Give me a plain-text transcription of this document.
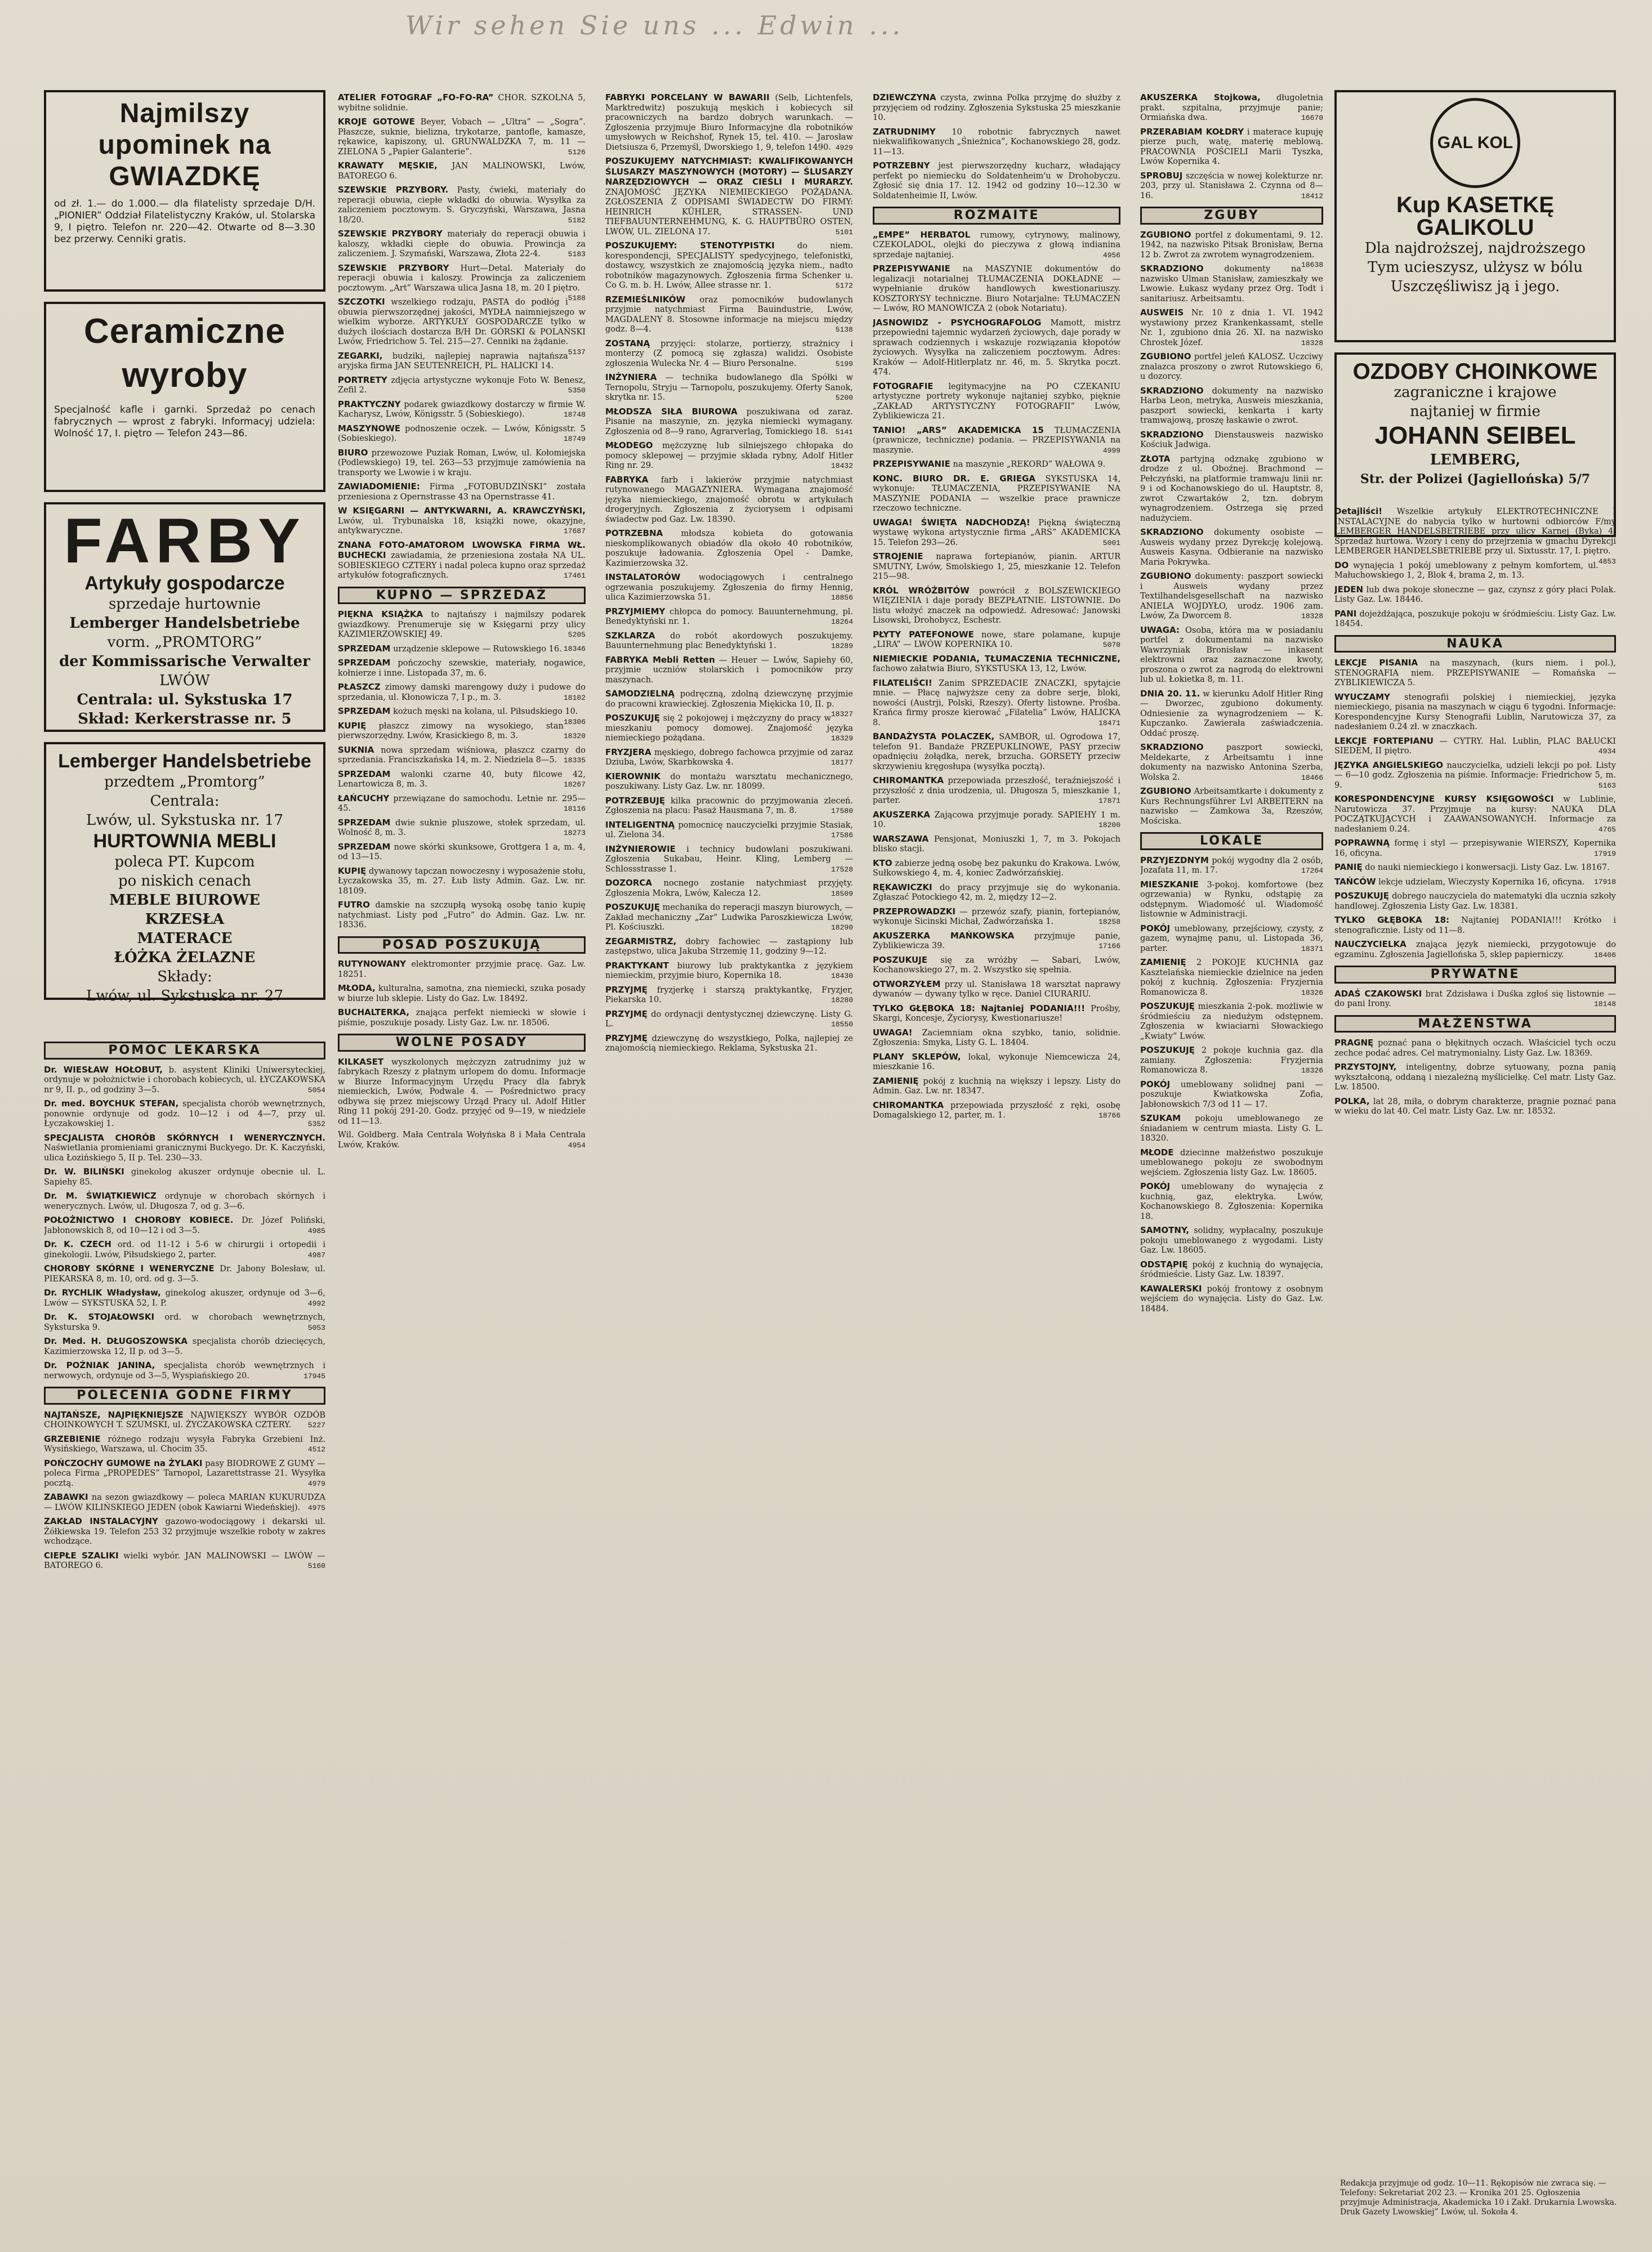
Wir sehen Sie uns ... Edwin ...
Najmilszy upominek na GWIAZDKĘ
od zł. 1.— do 1.000.— dla filatelisty sprzedaje D/H. „PIONIER” Oddział Filatelistyczny Kraków, ul. Stolarska 9, I piętro. Telefon nr. 220—42. Otwarte od 8—3.30 bez przerwy. Cenniki gratis.
Ceramiczne wyroby
Specjalność kafle i garnki. Sprzedaż po cenach fabrycznych — wprost z fabryki. Informacyj udziela: Wolność 17, I. piętro — Telefon 243—86.
FARBY
Artykuły gospodarcze
sprzedaje hurtownie
Lemberger Handelsbetriebe
vorm. „PROMTORG”
der Kommissarische Verwalter
LWÓW
Centrala: ul. Sykstuska 17
Skład: Kerkerstrasse nr. 5
Lemberger Handelsbetriebe
przedtem „Promtorg”
Centrala:
Lwów, ul. Sykstuska nr. 17
HURTOWNIA MEBLI
poleca PT. Kupcom
po niskich cenach
MEBLE BIUROWE
KRZESŁA
MATERACE
ŁÓŻKA ŻELAZNE
Składy:
Lwów, ul. Sykstuska nr. 27
GAL KOL
Kup KASETKĘ GALIKOLU
Dla najdroższej, najdroższego
Tym ucieszysz, ulżysz w bólu
Uszczęśliwisz ją i jego.
OZDOBY CHOINKOWE
zagraniczne i krajowe
najtaniej w firmie
JOHANN SEIBEL
LEMBERG,
Str. der Polizei (Jagiellońska) 5/7
POMOC LEKARSKA

Dr. WIESŁAW HOŁOBUT, b. asystent Kliniki Uniwersyteckiej, ordynuje w położnictwie i chorobach kobiecych, ul. ŁYCZAKOWSKA nr 9, II. p., od godziny 3—5.	5054

Dr. med. BOYCHUK STEFAN, specjalista chorób wewnętrznych, ponownie ordynuje od godz. 10—12 i od 4—7, przy ul. Łyczakowskiej 1.	5352

SPECJALISTA CHORÓB SKÓRNYCH I WENERYCZNYCH. Naświetlania promieniami granicznymi Buckyego. Dr. K. Kaczyński, ulica Łozińskiego 5, II p. Tel. 230—33.

Dr. W. BILIŃSKI ginekolog akuszer ordynuje obecnie ul. L. Sapiehy 85.

Dr. M. ŚWIĄTKIEWICZ ordynuje w chorobach skórnych i wenerycznych. Lwów, ul. Długosza 7, od g. 3—6.

POŁOŻNICTWO I CHOROBY KOBIECE. Dr. Józef Poliński, Jabłonowskich 8, od 10—12 i od 3—5.	4985

Dr. K. CZECH ord. od 11-12 i 5-6 w chirurgii i ortopedii i ginekologii. Lwów, Piłsudskiego 2, parter.	4987

CHOROBY SKÓRNE I WENERYCZNE Dr. Jabony Bolesław, ul. PIEKARSKA 8, m. 10, ord. od g. 3—5.

Dr. RYCHLIK Władysław, ginekolog akuszer, ordynuje od 3—6, Lwów — SYKSTUSKA 52, I. P.	4992

Dr. K. STOJAŁOWSKI ord. w chorobach wewnętrznych, Syksturska 9.	5053

Dr. Med. H. DŁUGOSZOWSKA specjalista chorób dziecięcych, Kazimierzowska 12, II p. od 3—5.

Dr. POŹNIAK JANINA, specjalista chorób wewnętrznych i nerwowych, ordynuje od 3—5, Wyspiańskiego 20.	17945

POLECENIA GODNE FIRMY

NAJTAŃSZE, NAJPIĘKNIEJSZE NAJWIĘKSZY WYBÓR OZDÓB CHOINKOWYCH T. SZUMSKI, ul. ŻYCZAKOWSKA CZTERY. 5227

GRZEBIENIE różnego rodzaju wysyła Fabryka Grzebieni Inż. Wysińskiego, Warszawa, ul. Chocim 35.	4512

POŃCZOCHY GUMOWE na ŻYLAKI pasy BIODROWE Z GUMY — poleca Firma „PROPEDES” Tarnopol, Lazarettstrasse 21. Wysyłka pocztą.	4979

ZABAWKI na sezon gwiazdkowy — poleca MARIAN KUKURUDZA — LWÓW KILIŃSKIEGO JEDEN (obok Kawiarni Wiedeńskiej). 4975

ZAKŁAD INSTALACYJNY gazowo-wodociągowy i dekarski ul. Żółkiewska 19. Telefon 253 32 przyjmuje wszelkie roboty w zakres wchodzące.

CIEPŁE SZALIKI wielki wybór. JAN MALINOWSKI — LWÓW — BATOREGO 6.	5160

ATELIER FOTOGRAF „FO-FO-RA” CHOR. SZKOLNA 5, wybitne solidnie.

KROJE GOTOWE Beyer, Vobach — „Ultra” — „Sogra”. Płaszcze, suknie, bielizna, trykotarze, pantofle, kamasze, rękawice, kapiszony, ul. GRUNWALDZKA 7, m. 11 — ZIELONA 5 „Papier Galanterie”.	5126

KRAWATY MĘSKIE, JAN MALINOWSKI, Lwów, BATOREGO 6.

SZEWSKIE PRZYBORY. Pasty, ćwieki, materiały do reperacji obuwia, ciepłe wkładki do obuwia. Wysyłka za zaliczeniem pocztowym. S. Gryczyński, Warszawa, Jasna 18/20.	5182

SZEWSKIE PRZYBORY materiały do reperacji obuwia i kaloszy, wkładki ciepłe do obuwia. Prowincja za zaliczeniem. J. Szymański, Warszawa, Złota 22-4.	5183

SZEWSKIE PRZYBORY Hurt—Detal. Materiały do reperacji obuwia i kaloszy. Prowincja za zaliczeniem pocztowym. „Art” Warszawa ulica Jasna 18, m. 20 I piętro.
5188

SZCZOTKI wszelkiego rodzaju, PASTA do podłóg i obuwia pierwszorzędnej jakości, MYDŁA naimniejszego w wielkim wyborze. ARTYKUŁY GOSPODARCZE tylko w dużych ilościach dostarcza B/H Dr. GÓRSKI & POLAŃSKI Lwów, Friedrichow 5. Tel. 215—27. Cenniki na żądanie.
5137

ZEGARKI, budziki, najlepiej naprawia najtańsza aryjska firma JAN SEUTENREICH, PL. HALICKI 14.

PORTRETY zdjęcia artystyczne wykonuje Foto W. Benesz, Zefil 2.	5350

PRAKTYCZNY podarek gwiazdkowy dostarczy w firmie W. Kacharysz, Lwów, Königsstr. 5 (Sobieskiego).	18748

MASZYNOWE podnoszenie oczek. — Lwów, Königsstr. 5 (Sobieskiego).	18749

BIURO przewozowe Puziak Roman, Lwów, ul. Kołomiejska (Podlewskiego) 19, tel. 263—53 przyjmuje zamówienia na transporty we Lwowie i w kraju.

ZAWIADOMIENIE: Firma „FOTOBUDZIŃSKI” została przeniesiona z Opernstrasse 43 na Opernstrasse 41.

W KSIĘGARNI — ANTYKWARNI, A. KRAWCZYŃSKI, Lwów, ul. Trybunalska 18, książki nowe, okazyjne, antykwaryczne.	17687

ZNANA FOTO-AMATOROM LWOWSKA FIRMA WŁ. BUCHECKI zawiadamia, że przeniesiona została NA UL. SOBIESKIEGO CZTERY i nadal poleca kupno oraz sprzedaż artykułów fotograficznych.	17461

KUPNO — SPRZEDAŻ

PIĘKNA KSIĄŻKA to najtańszy i najmilszy podarek gwiazdkowy. Prenumeruje się w Księgarni przy ulicy KAZIMIERZOWSKIEJ 49.	5205

SPRZEDAM urządzenie sklepowe — Rutowskiego 16. 18346

SPRZEDAM pończochy szewskie, materiały, nogawice, kołnierze i inne. Listopada 37, m. 6.

PŁASZCZ zimowy damski marengowy duży i pudowe do sprzedania, ul. Kłonowicza 7, I p., m. 3.	18102

SPRZEDAM kożuch męski na kolana, ul. Piłsudskiego 10.
18306

KUPIĘ płaszcz zimowy na wysokiego, stan pierwszorzędny. Lwów, Krasickiego 8, m. 3.	18320

SUKNIA nowa sprzedam wiśniowa, płaszcz czarny do sprzedania. Franciszkańska 14, m. 2. Niedziela 8—5. 18335

SPRZEDAM walonki czarne 40, buty filcowe 42, Lenartowicza 8, m. 3.	18267

ŁAŃCUCHY przewiązane do samochodu. Letnie nr. 295—45.	18116

SPRZEDAM dwie suknie pluszowe, stołek sprzedam, ul. Wolność 8, m. 3.	18273

SPRZEDAM nowe skórki skunksowe, Grottgera 1 a, m. 4, od 13—15.

KUPIĘ dywanowy tapczan nowoczesny i wyposażenie stołu, Łyczakowska 35, m. 27. Łub listy Admin. Gaz. Lw. nr. 18109.

FUTRO damskie na szczupłą wysoką osobę tanio kupię natychmiast. Listy pod „Futro” do Admin. Gaz. Lw. nr. 18336.

POSAD POSZUKUJĄ

RUTYNOWANY elektromonter przyjmie pracę. Gaz. Lw. 18251.

MŁODA, kulturalna, samotna, zna niemiecki, szuka posady w biurze lub sklepie. Listy do Gaz. Lw. 18492.

BUCHALTERKA, znająca perfekt niemiecki w słowie i piśmie, poszukuje posady. Listy Gaz. Lw. nr. 18506.

WOLNE POSADY

KILKASET wyszkolonych mężczyzn zatrudnimy już w fabrykach Rzeszy z płatnym urlopem do domu. Informacje w Biurze Informacyjnym Urzędu Pracy dla fabryk niemieckich, Lwów, Podwale 4. — Pośrednictwo pracy odbywa się przez miejscowy Urząd Pracy ul. Adolf Hitler Ring 11 pokój 291-20. Godz. przyjęć od 9—19, w niedziele od 11—13.

Wil. Goldberg. Mała Centrala Wołyńska 8 i Mała Centrala Lwów, Kraków.	4954

FABRYKI PORCELANY W BAWARII (Selb, Lichtenfels, Marktredwitz) poszukują męskich i kobiecych sił pracowniczych na bardzo dobrych warunkach. — Zgłoszenia przyjmuje Biuro Informacyjne dla robotników umysłowych w Reichshof, Rynek 15, tel. 410. — Jarosław Dietsiusza 6, Przemyśl, Dworskiego 1, 9, telefon 1490. 4929

POSZUKUJEMY NATYCHMIAST: KWALIFIKOWANYCH ŚLUSARZY MASZYNOWYCH (MOTORY) — ŚLUSARZY NARZĘDZIOWYCH — ORAZ CIEŚLI I MURARZY. ZNAJOMOŚĆ JĘZYKA NIEMIECKIEGO POŻĄDANA. ZGŁOSZENIA Z ODPISAMI ŚWIADECTW DO FIRMY: HEINRICH KÜHLER, STRASSEN- UND TIEFBAUUNTERNEHMUNG, K. G. HAUPTBÜRO OSTEN, LWÓW, UL. ZIELONA 17.	5101

POSZUKUJEMY: STENOTYPISTKI	do niem. korespondencji, SPECJALISTY spedycyjnego, telefonistki, dostawcy, wszystkich ze znajomością języka niem., nadto robotników magazynowych. Zgłoszenia firma Schenker u. Co G. m. b. H. Lwów, Allee strasse nr. 1.	5172

RZEMIEŚLNIKÓW oraz pomocników budowlanych przyjmie natychmiast Firma Bauindustrie, Lwów, MAGDALENY 8. Stosowne informacje na miejscu między godz. 8—4.	5138

ZOSTANĄ przyjęci: stolarze, portierzy, strażnicy i monterzy (Z pomocą się zgłasza) walidzi. Osobiste zgłoszenia Wulecka Nr. 4 — Biuro Personalne.	5199

INŻYNIERA — technika budowlanego dla Spółki w Ternopolu, Stryju — Tarnopolu, poszukujemy. Oferty Sanok, skrytka nr. 15.	5200

MŁODSZA SIŁA BIUROWA poszukiwana od zaraz. Pisanie na maszynie, zn. języka niemiecki wymagany. Zgłoszenia od 8—9 rano, Agrarverlag, Tomickiego 18. 5141

MŁODEGO mężczyznę lub silniejszego chłopaka do pomocy sklepowej — przyjmie składa rybny, Adolf Hitler Ring nr. 29.	18432

FABRYKA farb i lakierów przyjmie natychmiast rutynowanego MAGAZYNIERA. Wymagana znajomość języka niemieckiego, znajomość obrotu w artykułach drogeryjnych. Zgłoszenia z życiorysem i odpisami świadectw pod Gaz. Lw. 18390.

POTRZEBNA młodsza kobieta do gotowania nieskomplikowanych obiadów dla około 40 robotników, poszukuje ładowania. Zgłoszenia Opel - Damke, Kazimierzowska 32.

INSTALATORÓW wodociągowych i centralnego ogrzewania poszukujemy. Zgłoszenia do firmy Hennig, ulica Kazimierzowska 51.	18856

PRZYJMIEMY chłopca do pomocy. Bauunternehmung, pl. Benedyktyński nr. 1.	18264

SZKLARZA do robót akordowych poszukujemy. Bauunternehmung plac Benedyktyński 1.	18289

FABRYKA Mebli Retten — Heuer — Lwów, Sapiehy 60, przyjmie uczniów stolarskich i pomocników przy maszynach.

SAMODZIELNĄ podręczną, zdolną dziewczynę przyjmie do pracowni krawieckiej. Zgłoszenia Miękicka 10, II. p.
18327

POSZUKUJĘ się 2 pokojowej i mężczyzny do pracy w mieszkaniu pomocy domowej. Znajomość języka niemieckiego pożądana.	18329

FRYZJERA męskiego, dobrego fachowca przyjmie od zaraz Dziuba, Lwów, Skarbkowska 4.	18177

KIEROWNIK do montażu warsztatu mechanicznego, poszukiwany. Listy Gaz. Lw. nr. 18099.

POTRZEBUJĘ kilka pracownic do przyjmowania zleceń. Zgłoszenia na placu: Pasaż Hausmana 7, m. 8.	17580

INTELIGENTNĄ pomocnicę nauczycielki przyjmie Stasiak, ul. Zielona 34.	17586

INŻYNIEROWIE i technicy budowlani poszukiwani. Zgłoszenia Sukabau, Heinr. Kling, Lemberg — Schlossstrasse 1.	17528

DOZORCA nocnego zostanie natychmiast przyjęty. Zgłoszenia Mokra, Lwów, Kalecza 12.	18509

POSZUKUJĘ mechanika do reperacji maszyn biurowych, — Zakład mechaniczny „Zar” Ludwika Paroszkiewicza Lwów, Pl. Kościuszki.	18290

ZEGARMISTRZ, dobry fachowiec — zastąpiony lub zastępstwo, ulica Jakuba Strzemię 11, godziny 9—12.

PRAKTYKANT biurowy lub praktykantka z językiem niemieckim, przyjmie biuro, Kopernika 18.	18430

PRZYJMĘ fryzjerkę i starszą praktykantkę, Fryzjer, Piekarska 10.	18280

PRZYJMĘ do ordynacji dentystycznej dziewczynę. Listy G. L.	18550

PRZYJMĘ dziewczynę do wszystkiego, Polka, najlepiej ze znajomością niemieckiego. Reklama, Sykstuska 21.

DZIEWCZYNA czysta, zwinna Polka przyjmę do służby z przyjęciem od rodziny. Zgłoszenia Sykstuska 25 mieszkanie 10.

ZATRUDNIMY 10 robotnic fabrycznych nawet niekwalifikowanych „Śnieżnica”, Kochanowskiego 28, godz. 11—13.

POTRZEBNY jest pierwszorzędny kucharz, władający perfekt po niemiecku do Soldatenheim'u w Drohobyczu. Zgłosić się dnia 17. 12. 1942 od godziny 10—12.30 w Soldatenheimie II, Lwów.

ROZMAITE

„EMPE” HERBATOL rumowy, cytrynowy, malinowy, CZEKOLADOL, olejki do pieczywa z głową indianina sprzedaje najtaniej.	4956

PRZEPISYWANIE na MASZYNIE dokumentów do legalizacji notarialnej TŁUMACZENIA DOKŁADNE — wypełnianie druków handlowych kwestionariuszy. KOSZTORYSY techniczne. Biuro Notarjalne: TŁUMACZEŃ — Lwów, RO MANOWICZA 2 (obok Notariatu).

JASNOWIDZ - PSYCHOGRAFOLOG Mamott, mistrz przepowiedni tajemnic wydarzeń życiowych, daje porady w sprawach codziennych i wskazuje rozwiązania kłopotów życiowych. Wysyłka na zaliczeniem pocztowym. Adres: Kraków — Adolf-Hitlerplatz nr. 46, m. 5. Skrytka poczt. 474.

FOTOGRAFIE legitymacyjne na PO CZEKANIU artystyczne portrety wykonuje najtaniej szybko, pięknie „ZAKŁAD ARTYSTYCZNY FOTOGRAFII” Lwów, Zyblikiewicza 21.

TANIO! „ARS” AKADEMICKA 15 TŁUMACZENIA (prawnicze, techniczne) podania. — PRZEPISYWANIA na maszynie.	4999

PRZEPISYWANIE na maszynie „REKORD” WAŁOWA 9.

KONC. BIURO DR. E. GRIEGA SYKSTUSKA 14, wykonuje: TŁUMACZENIA, PRZEPISYWANIE NA MASZYNIE PODANIA — wszelkie prace prawnicze rzeczowo techniczne.

UWAGA! ŚWIĘTA NADCHODZĄ! Piękną świąteczną wystawę wykona artystycznie firma „ARS” AKADEMICKA 15. Telefon 293—26.	5001

STROJENIE naprawa fortepianów, pianin. ARTUR SMUTNY, Lwów, Smolskiego 1, 25, mieszkanie 12. Telefon 215—98.

KRÓL WRÓŻBITÓW powrócił z BOLSZEWICKIEGO WIĘZIENIA i daje porady BEZPŁATNIE. LISTOWNIE. Do listu włożyć znaczek na odpowiedź. Adresować: Janowski Lisowski, Drohobycz, Eschestr.

PŁYTY PATEFONOWE nowe, stare polamane, kupuje „LIRA” — LWÓW KOPERNIKA 10.	5070

NIEMIECKIE PODANIA, TŁUMACZENIA TECHNICZNE, fachowo załatwia Biuro, SYKSTUSKA 13, 12, Lwów.

FILATELIŚCI! Zanim SPRZEDACIE ZNACZKI, spytajcie mnie. — Płacę najwyższe ceny za dobre serje, bloki, nowości (Austrji, Polski, Rzeszy). Oferty listowne. Prośba. Krańca firmy prosze kierować „Filatelia” Lwów, HALICKA 8.	18471

BANDAŻYSTA POLACZEK, SAMBOR, ul. Ogrodowa 17, telefon 91. Bandaże PRZEPUKLINOWE, PASY przeciw opadnięciu żołądka, nerek, brzucha. GORSETY przeciw skrzywieniu kręgosłupa (wysyłka pocztą).

CHIROMANTKA przepowiada przeszłość, teraźniejszość i przyszłość z dnia urodzenia, ul. Długosza 5, mieszkanie 1, parter.	17871

AKUSZERKA Zającowa przyjmuje porady. SAPIEHY 1 m. 10.	18200

WARSZAWA Pensjonat, Moniuszki 1, 7, m 3. Pokojach blisko stacji.

KTO zabierze jedną osobę bez pakunku do Krakowa. Lwów, Sułkowskiego 4, m. 4, koniec Zadwórzańskiej.

RĘKAWICZKI do pracy przyjmuje się do wykonania. Zgłaszać Potockiego 42, m. 2, między 12—2.

PRZEPROWADZKI — przewóz szafy, pianin, fortepianów, wykonuje Sicinski Michał, Zadwórzańska 1.	18258

AKUSZERKA MAŃKOWSKA przyjmuje panie, Zyblikiewicza 39.	17166

POSZUKUJE się za wróżby — Sabari, Lwów, Kochanowskiego 27, m. 2. Wszystko się spełnia.

OTWORZYŁEM przy ul. Stanisława 18 warsztat naprawy dywanów — dywany tylko w ręce. Daniel CIURARIU.

TYLKO GŁĘBOKA 18: Najtaniej PODANIA!!! Prośby, Skargi, Koncesje, Życiorysy, Kwestionariusze!

UWAGA! Zaciemniam okna szybko, tanio, solidnie. Zgłoszenia: Smyka, Listy G. L. 18404.

PLANY SKLEPÓW, lokal, wykonuje Niemcewicza 24, mieszkanie 16.

ZAMIENIĘ pokój z kuchnią na większy i lepszy. Listy do Admin. Gaz. Lw. nr. 18347.

CHIROMANTKA przepowiada przyszłość z ręki, osobę Domagalskiego 12, parter, m. 1.	18766

AKUSZERKA Stojkowa, długoletnia prakt. szpitalna, przyjmuje panie; Ormiańska dwa.	16670

PRZERABIAM KOŁDRY i materace kupuję pierze puch, watę, materię meblową. PRACOWNIA POŚCIELI Marii Tyszka, Lwów Kopernika 4.

SPROBUJ szczęścia w nowej kolekturze nr. 203, przy ul. Stanisława 2. Czynna od 8—16.	18412

ZGUBY

ZGUBIONO portfel z dokumentami, 9. 12. 1942, na nazwisko Pitsak Bronisław, Berna 12 b. Zwrot za zwrotem wynagrodzeniem.
18638

SKRADZIONO	dokumenty na nazwisko Ulman Stanisław, zamieszkały we Lwowie. Łukasz wydany przez Org. Todt i sanitariusz. Arbeitsamtu.

AUSWEIS Nr. 10 z dnia 1. VI. 1942 wystawiony przez Krankenkassamt, stelle Nr. 1, zgubiono dnia 26. XI. na nazwisko Chrostek Józef.	18328

ZGUBIONO portfel jeleń KALOSZ. Uczciwy znalazca proszony o zwrot Rutowskiego 6, u dozorcy.

SKRADZIONO dokumenty na nazwisko Harba Leon, metryka, Ausweis mieszkania, paszport sowiecki, kenkarta i karty tramwajową, proszę łaskawie o zwrot.

SKRADZIONO Dienstausweis nazwisko Kościuk Jadwiga.

ZŁOTA partyjną odznakę zgubiono w drodze z ul. Oboźnej. Brachmond — Pełczyński, na platformie tramwaju linii nr. 9 i od Kochanowskiego do ul. Hauptstr. 8, zwrot Czwartaków 2, tzn. dobrym wynagrodzeniem. Ostrzega się przed nadużyciem.

SKRADZIONO dokumenty osobiste — Ausweis wydany przez Dyrekcję kolejową. Ausweis Kasyna. Odbieranie na nazwisko Maria Pokrywka.

ZGUBIONO dokumenty: paszport sowiecki i Ausweis wydany przez Textilhandelsgesellschaft na nazwisko ANIELA WOJDYŁO, urodz. 1906 zam. Lwów, Za Dworcem 8.	18328

UWAGA: Osoba, która ma w posiadaniu portfel z dokumentami na nazwisko Wawrzyniak Bronisław — inkasent elektrowni oraz zaznaczone kwoty, proszona o zwrot za nagrodą do elektrowni lub ul. Łokietka 8, m. 11.

DNIA 20. 11. w kierunku Adolf Hitler Ring — Dworzec, zgubiono dokumenty. Odniesienie za wynagrodzeniem — K. Kupczanko. Zawierała zaświadczenia. Oddać proszę.

SKRADZIONO	paszport sowiecki, Meldekarte, z Arbeitsamtu i inne dokumenty na nazwisko Antonina Szerba, Wolska 2.	18466

ZGUBIONO Arbeitsamtkarte i dokumenty z Kurs Rechnungsführer Lvl ARBEITERN na nazwisko — Zamkowa 3a, Rzeszów, Mościska.

LOKALE

PRZYJEZDNYM pokój wygodny dla 2 osób, Jozafata 11, m. 17.	17264

MIESZKANIE 3-pokoj. komfortowe (bez ogrzewania) w Rynku, odstąpię za odstępnym. Wiadomość ul. Wiadomość listownie w Administracji.

POKÓJ umeblowany, przejściowy, czysty, z gazem, wynajmę panu, ul. Listopada 36, parter.	18371

ZAMIENIĘ 2 POKOJE KUCHNIA gaz Kasztelańska niemieckie dzielnice na jeden pokój z kuchnią. Zgłoszenia: Fryzjernia Romanowicza 8.	18326

POSZUKUJĘ mieszkania 2-pok. możliwie w śródmieściu za niedużym odstępnem. Zgłoszenia w kwiaciarni Słowackiego „Kwiaty” Lwów.

POSZUKUJĘ 2 pokoje kuchnia gaz. dla zamiany. Zgłoszenia: Fryzjernia Romanowicza 8.	18326

POKÓJ umeblowany solidnej pani — poszukuje Kwiatkowska Zofia, Jabłonowskich 7/3 od 11 — 17.

SZUKAM pokoju umeblowanego ze śniadaniem w centrum miasta. Listy G. L. 18320.

MŁODE dziecinne małżeństwo poszukuje umeblowanego pokoju ze swobodnym wejściem. Zgłoszenia listy Gaz. Lw. 18605.

POKÓJ umeblowany do wynajęcia z kuchnią, gaz, elektryka. Lwów, Kochanowskiego 8. Zgłoszenia: Kopernika 18.

SAMOTNY, solidny, wypłacalny, poszukuje pokoju umeblowanego z wygodami. Listy Gaz. Lw. 18605.

ODSTĄPIĘ pokój z kuchnią do wynajęcia, śródmieście. Listy Gaz. Lw. 18397.

KAWALERSKI pokój frontowy z osobnym wejściem do wynajęcia. Listy do Gaz. Lw. 18484.

Detajliści! Wszelkie artykuły ELEKTROTECHNICZNE I INSTALACYJNE do nabycia tylko w hurtowni odbiorców F/my LEMBERGER HANDELSBETRIEBE przy ulicy Karnej (Byka) 4. Sprzedaż hurtowa. Wzory i ceny do przejrzenia w gmachu Dyrekcji LEMBERGER HANDELSBETRIEBE przy ul. Sixtusstr. 17, I. piętro.
4853

DO wynajęcia 1 pokój umeblowany z pełnym komfortem, ul. Małuchowskiego 1, 2, Blok 4, brama 2, m. 13.

JEDEN lub dwa pokoje słoneczne — gaz, czynsz z góry płaci Polak. Listy Gaz. Lw. 18446.

PANI dojeżdżająca, poszukuje pokoju w śródmieściu. Listy Gaz. Lw. 18454.

NAUKA

LEKCJE PISANIA na maszynach, (kurs niem. i pol.), STENOGRAFIA niem. PRZEPISYWANIE — Romańska — ZYBLIKIEWICZA 5.

WYUCZAMY stenografii polskiej i niemieckiej, języka niemieckiego, pisania na maszynach w ciągu 6 tygodni. Informacje: Korespondencyjne Kursy Stenografii Lublin, Narutowicza 37, za nadesłaniem 0.24 zł. w znaczkach.

LEKCJE FORTEPIANU — CYTRY. Hal. Lublin, PLAC BAŁUCKI SIEDEM, II piętro.	4934

JĘZYKA ANGIELSKIEGO nauczycielka, udzieli lekcji po poł. Listy — 6—10 godz. Zgłoszenia na piśmie. Informacje: Friedrichow 5, m. 9.	5163

KORESPONDENCYJNE KURSY KSIĘGOWOŚCI w Lublinie, Narutowicza 37. Przyjmuje na kursy: NAUKA DLA POCZĄTKUJĄCYCH i ZAAWANSOWANYCH. Informacje za nadesłaniem 0.24.	4765

POPRAWNĄ formę i styl — przepisywanie WIERSZY, Kopernika 16, oficyna.	17919

PANIĘ do nauki niemieckiego i konwersacji. Listy Gaz. Lw. 18167.

TAŃCÓW lekcje udzielam, Wieczysty Kopernika 16, oficyna. 17918

POSZUKUJĘ dobrego nauczyciela do matematyki dla ucznia szkoły handlowej. Zgłoszenia Listy Gaz. Lw. 18381.

TYLKO GŁĘBOKA 18: Najtaniej PODANIA!!! Krótko i stenograficznie. Listy od 11—8.

NAUCZYCIELKA znająca język niemiecki, przygotowuje do egzaminu. Zgłoszenia Jagiellońska 5, sklep papierniczy.	18406

PRYWATNE

ADAŚ CZAKOWSKI brat Zdzisława i Duśka zgłoś się listownie — do pani Irony.	18148

MAŁŻEŃSTWA

PRAGNĘ poznać pana o błękitnych oczach. Właściciel tych oczu zechce podać adres. Cel matrymonialny. Listy Gaz. Lw. 18369.

PRZYSTOJNY, inteligentny, dobrze sytuowany, pozna panią wykształconą, oddaną i niezależną myślicielkę. Cel matr. Listy Gaz. Lw. 18500.

POLKA, lat 28, miła, o dobrym charakterze, pragnie poznać pana w wieku do lat 40. Cel matr. Listy Gaz. Lw. nr. 18532.

Redakcja przyjmuje od godz. 10—11. Rękopisów nie zwraca się. — Telefony: Sekretariat 202 23. — Kronika 201 25. Ogłoszenia przyjmuje Administracja, Akademicka 10 i Zakł. Drukarnia Lwowska. Druk Gazety Lwowskiej” Lwów, ul. Sokoła 4.
